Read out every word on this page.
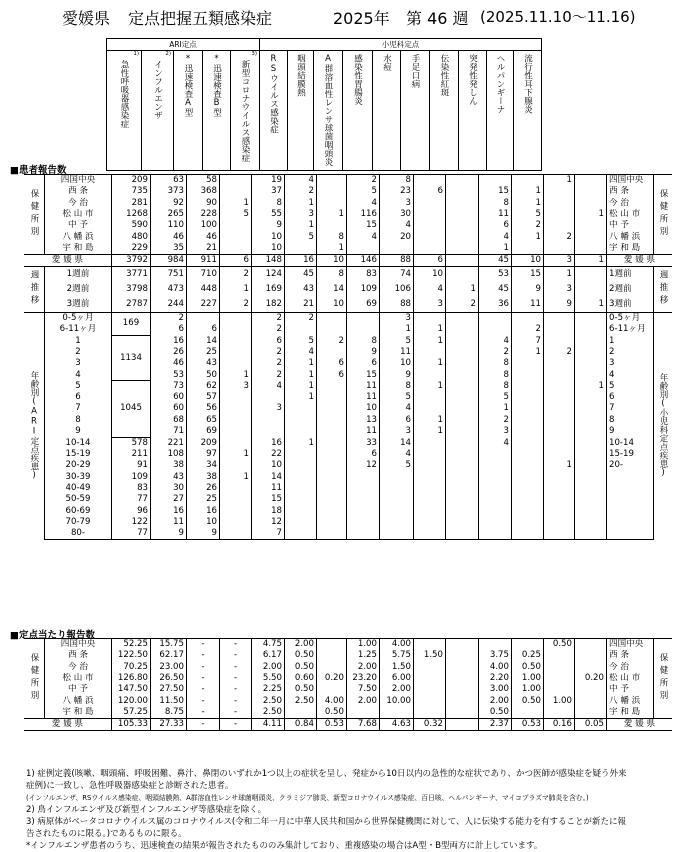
愛媛県 定点把握五類感染症	2025年 第 46 週 (2025.11.10～11.16)
	ARI定点					小児科定点										

	1)
急性呼吸器感染症	2)
インフルエンザ	*迅速検査A型	*迅速検査B型	3)
新型コロナウイルス感染症	RSウイルス感染症	咽頭結膜熱	A群溶血性レンサ球菌咽頭炎	感染性胃腸炎	水痘	手足口病	伝染性紅斑	突発性発しん	ヘルパンギーナ	流行性耳下腺炎	
■患者報告数
保健所別	四国中央	209	63	58		19	4		2	8					1		四国中央	保健所別
	西 条	735	373	368		37	2		5	23	6		15	1			西 条	
	今 治	281	92	90	1	8	1		4	3			8	1			今 治	
	松 山 市	1268	265	228	5	55	3	1	116	30			11	5		1	松 山 市	
	中 予	590	110	100		9	1		15	4			6	2			中 予	
	八 幡 浜	480	46	46		10	5	8	4	20			4	1	2		八 幡 浜	
	宇 和 島	229	35	21		10		1					1				宇 和 島	
愛 媛 県		3792	984	911	6	148	16	10	146	88	6		45	10	3	1	愛 媛 県	
週推移	1週前	3771	751	710	2	124	45	8	83	74	10		53	15	1		1週前	週推移
	2週前	3798	473	448	1	169	43	14	109	106	4	1	45	9	3		2週前	
	3週前	2787	244	227	2	182	21	10	69	88	3	2	36	11	9	1	3週前	
年齢別(ARI定点疾患)	0-5ヶ月	169	2			2	2			3							0-5ヶ月	年齢別(小児科定点疾患)
	6-11ヶ月		6	6		2				1	1			2			6-11ヶ月	
	1	1134	16	14		6	5	2	8	5	1		4	7			1	
	2		26	25		2	4		9	11			2	1	2		2	
	3		46	43		2	1	6	6	10	1		8				3	
	4		53	50	1	2	1	6	15	9			8				4	
	5	1045	73	62	3	4	1		11	8	1		8			1	5	
	6		60	57			1		11	5			5				6	
	7		60	56		3			10	4			1				7	
	8		68	65					13	6	1		2				8	
	9		71	69					11	3	1		3				9	
	10-14	578	221	209		16	1		33	14			4				10-14	
	15-19	211	108	97	1	22			6	4							15-19	
	20-29	91	38	34		10			12	5					1		20-	
	30-39	109	43	38	1	14												
	40-49	83	30	26		11												
	50-59	77	27	25		15												
	60-69	96	16	16		18												
	70-79	122	11	10		12												
	80-	77	9	9		7												
■定点当たり報告数
保健所別	四国中央	52.25	15.75	-	-	4.75	2.00		1.00	4.00					0.50		四国中央	保健所別
	西 条	122.50	62.17	-	-	6.17	0.50		1.25	5.75	1.50		3.75	0.25			西 条	
	今 治	70.25	23.00	-	-	2.00	0.50		2.00	1.50			4.00	0.50			今 治	
	松 山 市	126.80	26.50	-	-	5.50	0.60	0.20	23.20	6.00			2.20	1.00		0.20	松 山 市	
	中 予	147.50	27.50	-	-	2.25	0.50		7.50	2.00			3.00	1.00			中 予	
	八 幡 浜	120.00	11.50	-	-	2.50	2.50	4.00	2.00	10.00			2.00	0.50	1.00		八 幡 浜	
	宇 和 島	57.25	8.75	-	-	2.50		0.50					0.50				宇 和 島	
愛 媛 県		105.33	27.33	-	-	4.11	0.84	0.53	7.68	4.63	0.32		2.37	0.53	0.16	0.05	愛 媛 県	
1) 症例定義(咳嗽、咽頭痛、呼吸困難、鼻汁、鼻閉のいずれか1つ以上の症状を呈し、発症から10日以内の急性的な症状であり、かつ医師が感染症を疑う外来
症例)に一致し、急性呼吸器感染症と診断された患者。
(インフルエンザ、RSウイルス感染症、咽頭結膜熱、A群溶血性レンサ球菌咽頭炎、クラミジア肺炎、新型コロナウイルス感染症、百日咳、ヘルパンギーナ、マイコプラズマ肺炎を含む。)
2) 鳥インフルエンザ及び新型インフルエンザ等感染症を除く。
3) 病原体がベータコロナウイルス属のコロナウイルス(令和二年一月に中華人民共和国から世界保健機関に対して、人に伝染する能力を有することが新たに報
告されたものに限る。)であるものに限る。
*インフルエンザ患者のうち、迅速検査の結果が報告されたもののみ集計しており、重複感染の場合はA型・B型両方に計上しています。
